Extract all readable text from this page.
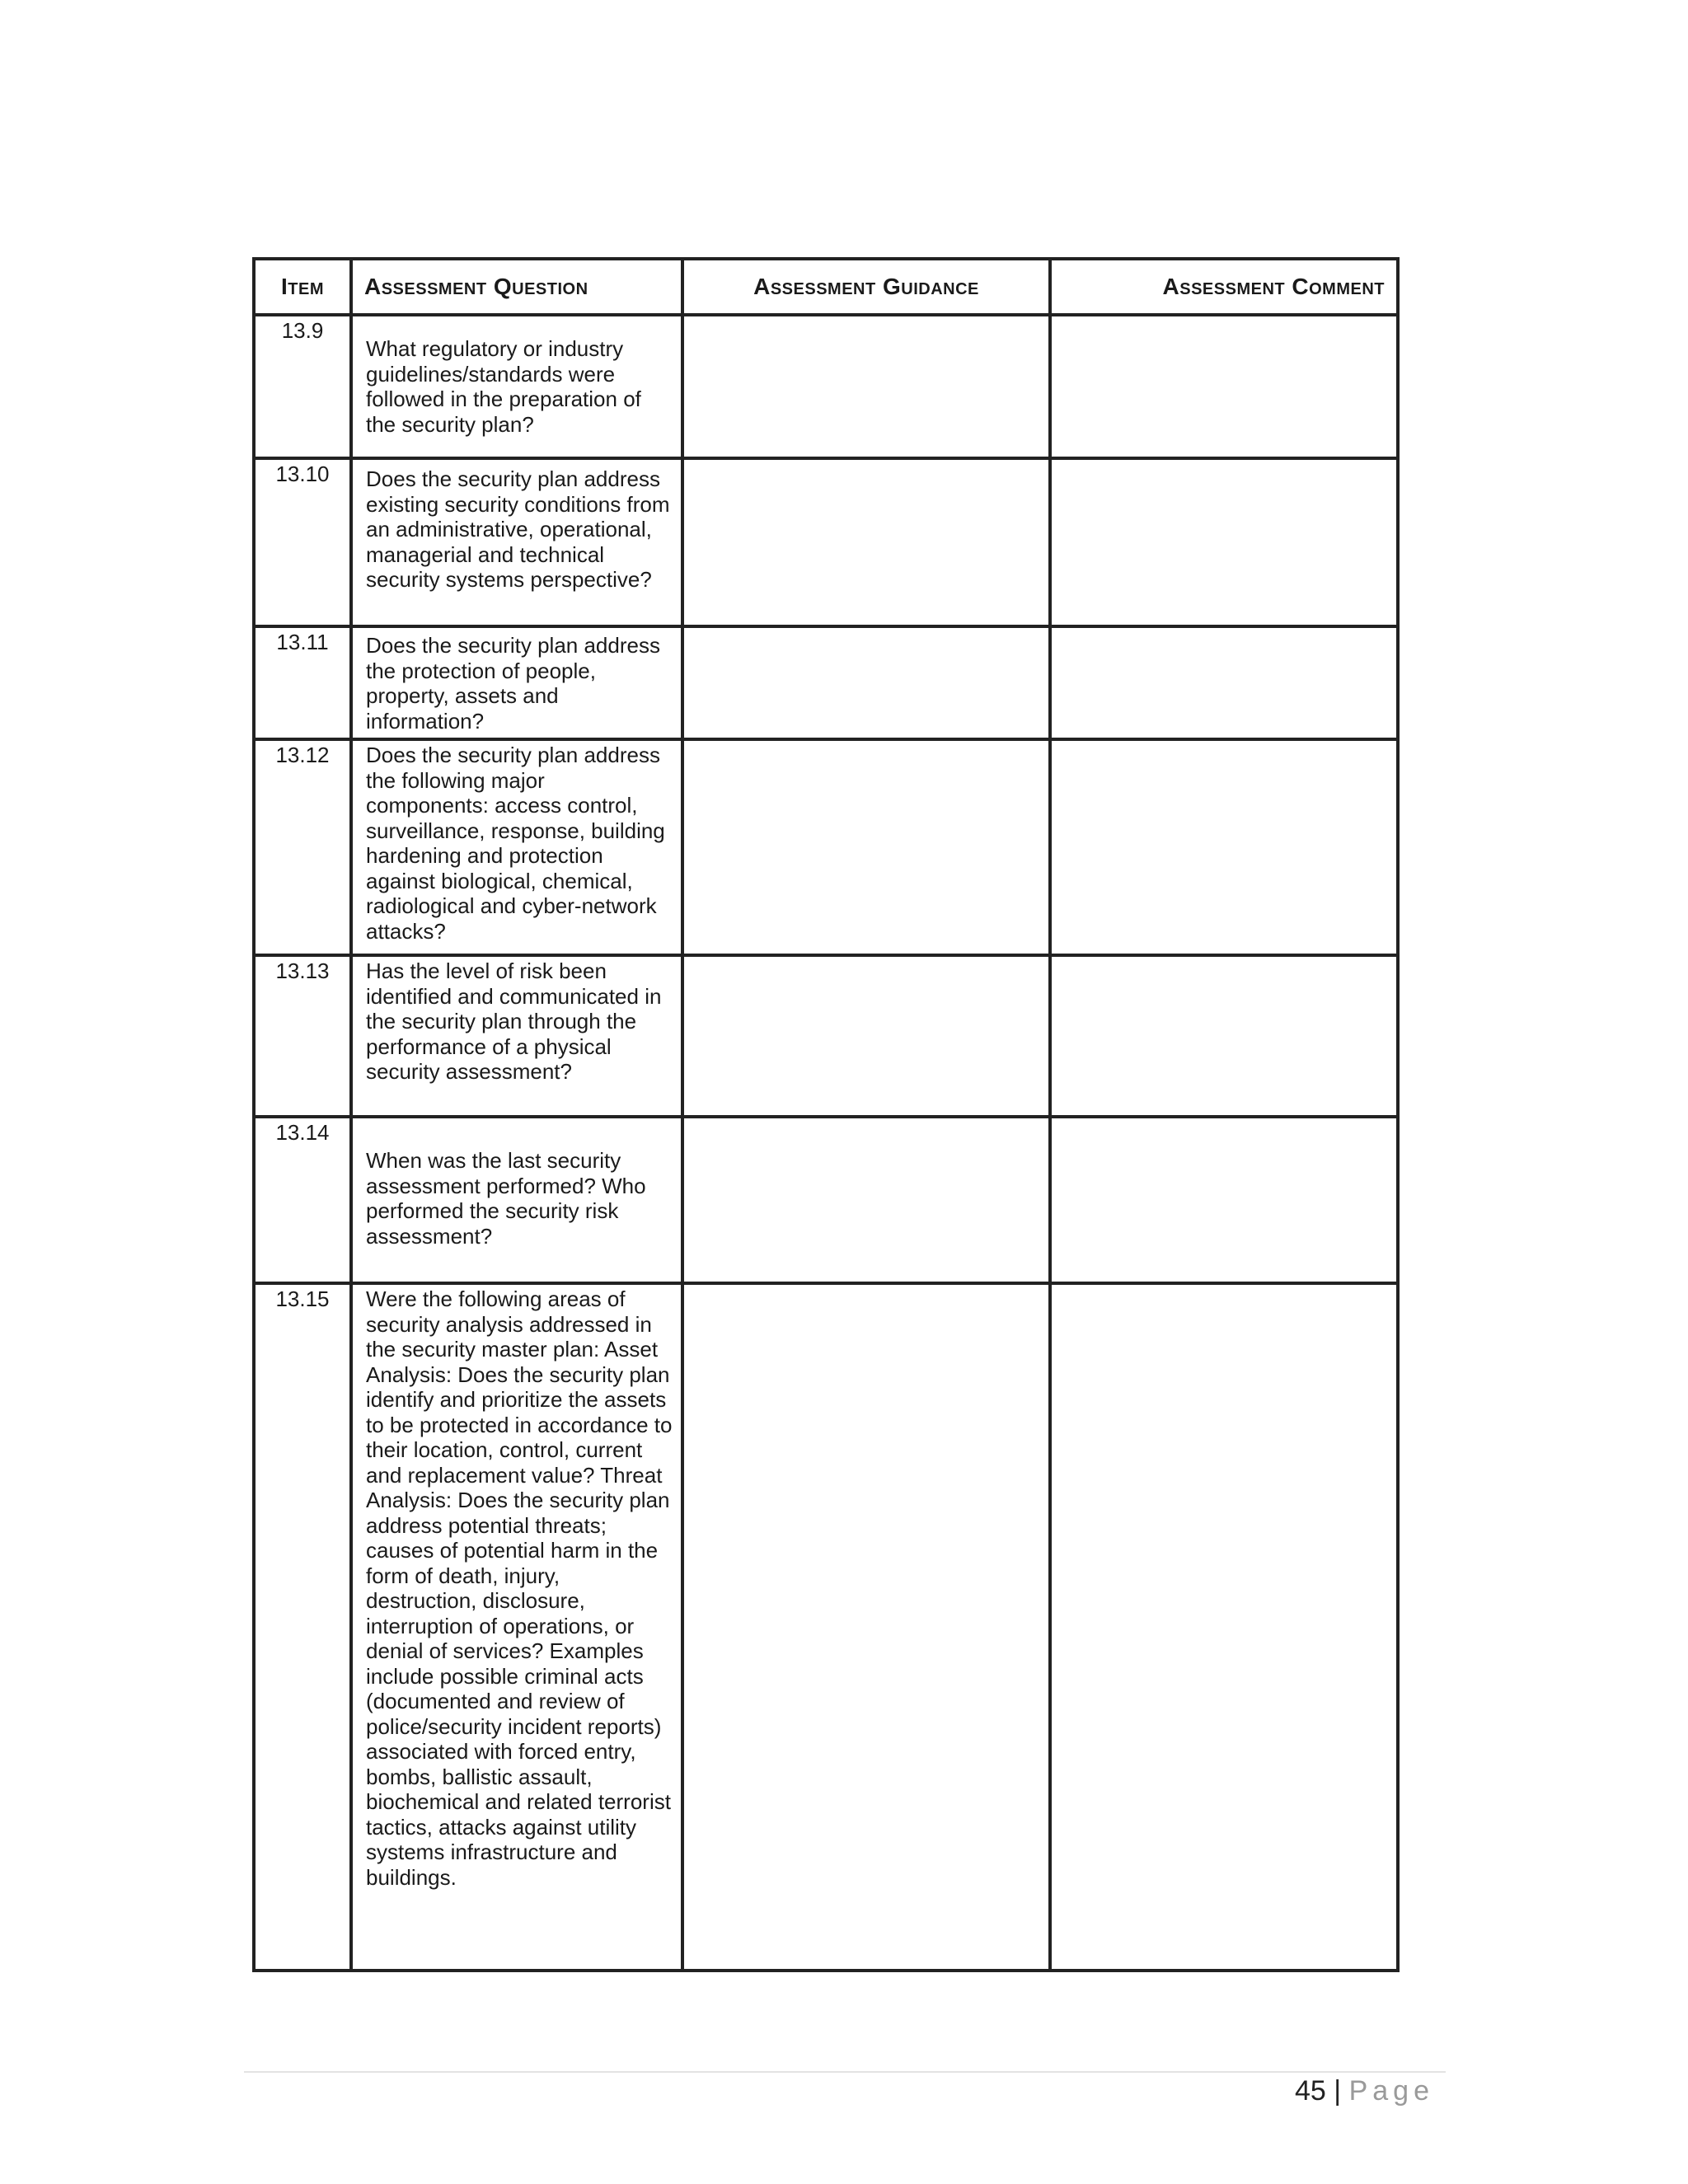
Item	Assessment Question	Assessment Guidance	Assessment Comment
13.9	What regulatory or industry guidelines/standards were followed in the preparation of the security plan?		
13.10	Does the security plan address existing security conditions from an administrative, operational, managerial and technical security systems perspective?		
13.11	Does the security plan address the protection of people, property, assets and information?		
13.12	Does the security plan address the following major components: access control, surveillance, response, building hardening and protection against biological, chemical, radiological and cyber-network attacks?		
13.13	Has the level of risk been identified and communicated in the security plan through the performance of a physical security assessment?		
13.14	When was the last security assessment performed? Who performed the security risk assessment?		
13.15	Were the following areas of security analysis addressed in the security master plan: Asset Analysis: Does the security plan identify and prioritize the assets to be protected in accordance to their location, control, current and replacement value? Threat Analysis: Does the security plan address potential threats; causes of potential harm in the form of death, injury, destruction, disclosure, interruption of operations, or denial of services? Examples include possible criminal acts (documented and review of police/security incident reports) associated with forced entry, bombs, ballistic assault, biochemical and related terrorist tactics, attacks against utility systems infrastructure and buildings.		
45 | Page
